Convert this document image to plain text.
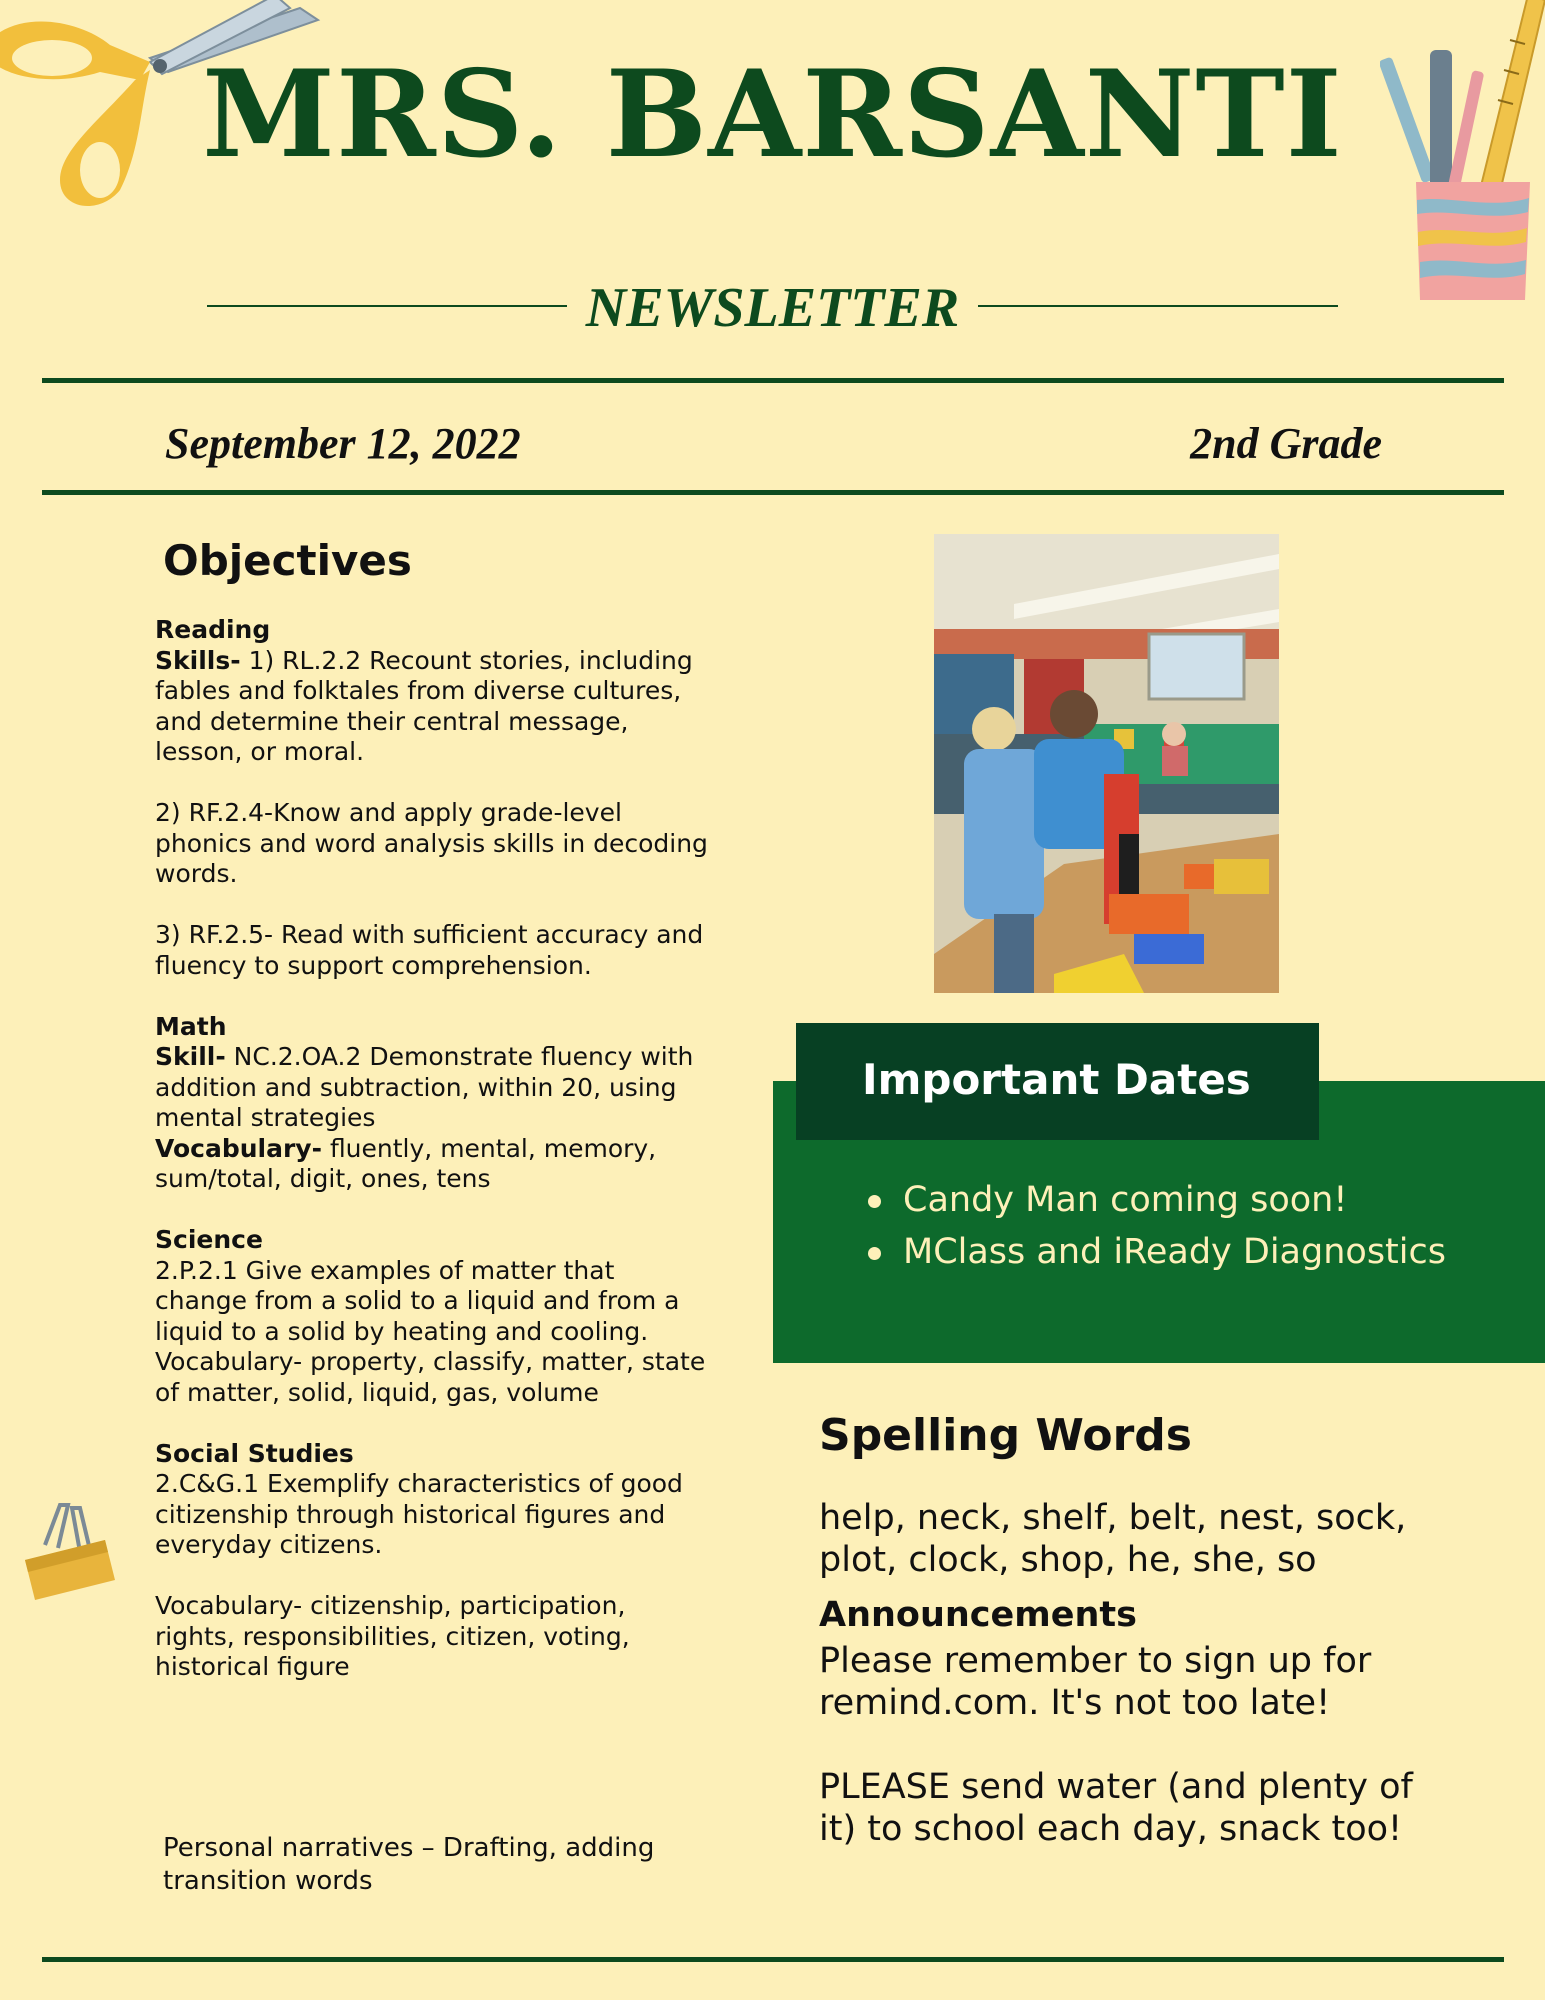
MRS. BARSANTI
NEWSLETTER
September 12, 2022	2nd Grade
Objectives

Reading

Skills- 1) RL.2.2 Recount stories, including fables and folktales from diverse cultures, and determine their central message, lesson, or moral.

2) RF.2.4-Know and apply grade-level phonics and word analysis skills in decoding words.

3) RF.2.5- Read with sufficient accuracy and fluency to support comprehension.

Math

Skill- NC.2.OA.2 Demonstrate fluency with addition and subtraction, within 20, using mental strategies

Vocabulary- fluently, mental, memory, sum/total, digit, ones, tens

Science

2.P.2.1 Give examples of matter that change from a solid to a liquid and from a liquid to a solid by heating and cooling.

Vocabulary- property, classify, matter, state of matter, solid, liquid, gas, volume

Social Studies

2.C&G.1 Exemplify characteristics of good citizenship through historical figures and everyday citizens.

Vocabulary- citizenship, participation, rights, responsibilities, citizen, voting, historical figure

Personal narratives – Drafting, adding transition words
Important Dates
Candy Man coming soon!
MClass and iReady Diagnostics
Spelling Words
help, neck, shelf, belt, nest, sock, plot, clock, shop, he, she, so
Announcements

Please remember to sign up for remind.com. It's not too late!

PLEASE send water (and plenty of it) to school each day, snack too!
